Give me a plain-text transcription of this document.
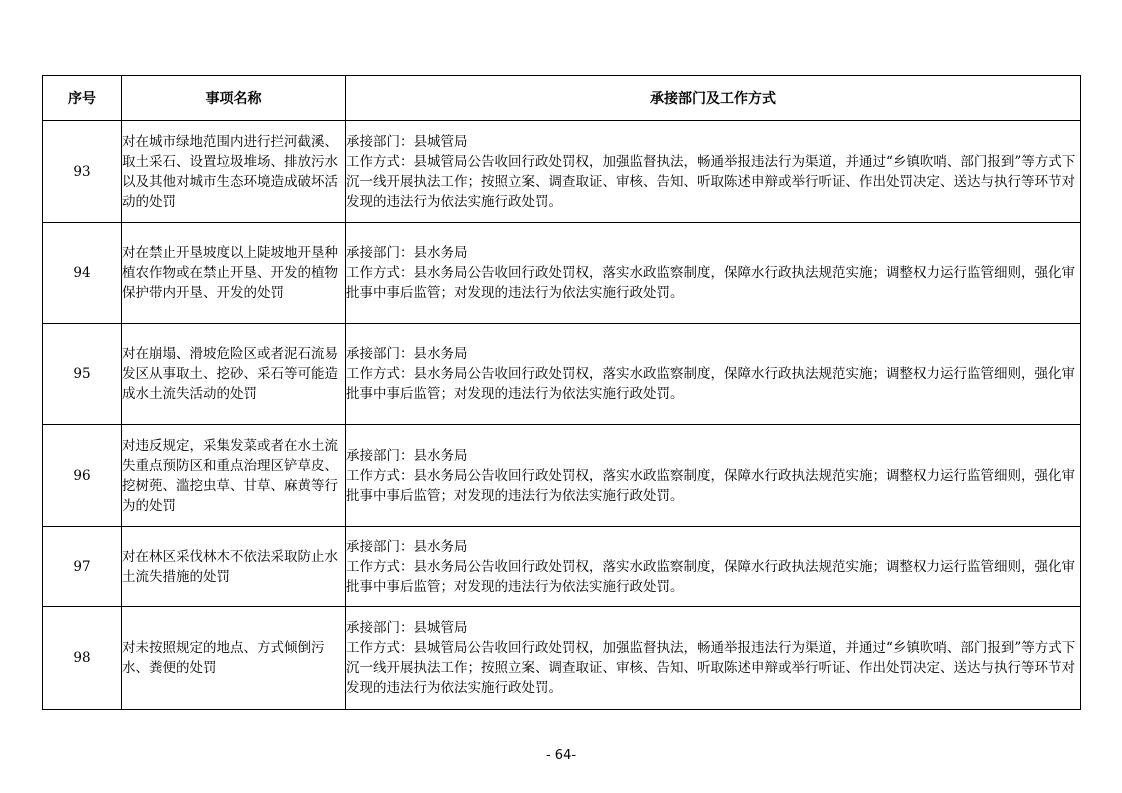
序号	事项名称	承接部门及工作方式
93	对在城市绿地范围内进行拦河截溪、取土采石、设置垃圾堆场、排放污水以及其他对城市生态环境造成破坏活动的处罚	承接部门：县城管局
工作方式：县城管局公告收回行政处罚权，加强监督执法，畅通举报违法行为渠道，并通过“乡镇吹哨、部门报到”等方式下沉一线开展执法工作；按照立案、调查取证、审核、告知、听取陈述申辩或举行听证、作出处罚决定、送达与执行等环节对发现的违法行为依法实施行政处罚。

94	对在禁止开垦坡度以上陡坡地开垦种植农作物或在禁止开垦、开发的植物保护带内开垦、开发的处罚	承接部门：县水务局
工作方式：县水务局公告收回行政处罚权，落实水政监察制度，保障水行政执法规范实施；调整权力运行监管细则，强化审批事中事后监管；对发现的违法行为依法实施行政处罚。

95	对在崩塌、滑坡危险区或者泥石流易发区从事取土、挖砂、采石等可能造成水土流失活动的处罚	承接部门：县水务局
工作方式：县水务局公告收回行政处罚权，落实水政监察制度，保障水行政执法规范实施；调整权力运行监管细则，强化审批事中事后监管；对发现的违法行为依法实施行政处罚。

96	对违反规定，采集发菜或者在水土流失重点预防区和重点治理区铲草皮、挖树蔸、滥挖虫草、甘草、麻黄等行为的处罚	承接部门：县水务局
工作方式：县水务局公告收回行政处罚权，落实水政监察制度，保障水行政执法规范实施；调整权力运行监管细则，强化审批事中事后监管；对发现的违法行为依法实施行政处罚。

97	对在林区采伐林木不依法采取防止水土流失措施的处罚	承接部门：县水务局
工作方式：县水务局公告收回行政处罚权，落实水政监察制度，保障水行政执法规范实施；调整权力运行监管细则，强化审批事中事后监管；对发现的违法行为依法实施行政处罚。

98	对未按照规定的地点、方式倾倒污水、粪便的处罚	承接部门：县城管局
工作方式：县城管局公告收回行政处罚权，加强监督执法，畅通举报违法行为渠道，并通过“乡镇吹哨、部门报到”等方式下沉一线开展执法工作；按照立案、调查取证、审核、告知、听取陈述申辩或举行听证、作出处罚决定、送达与执行等环节对发现的违法行为依法实施行政处罚。
- 64-
